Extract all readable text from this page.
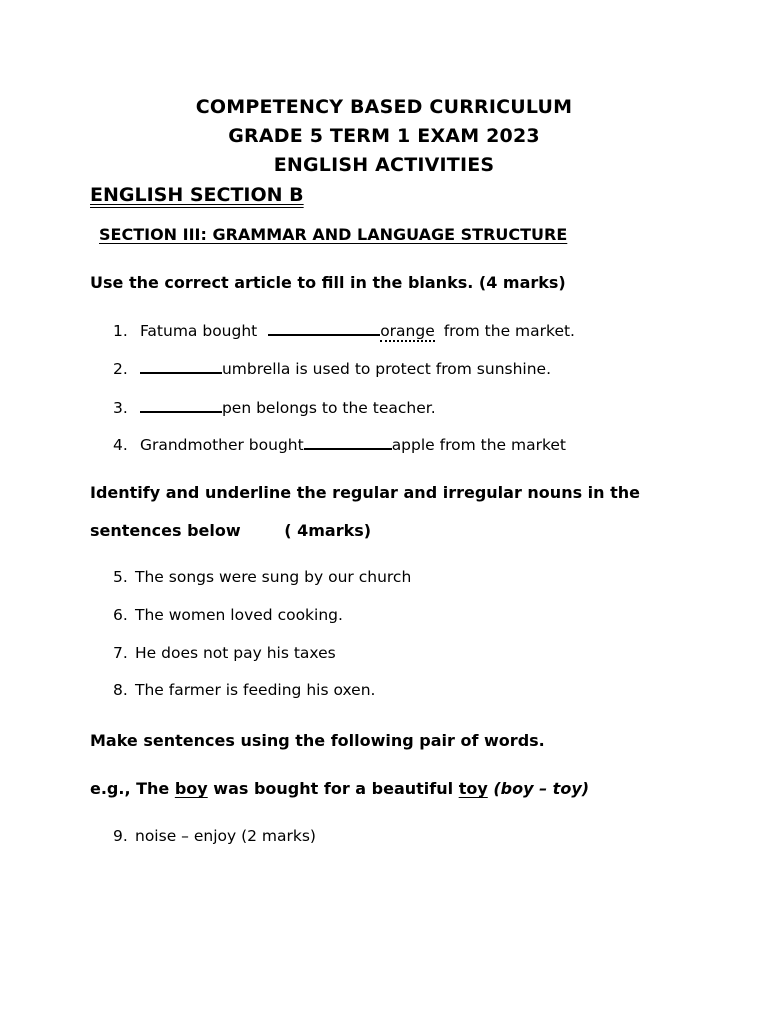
COMPETENCY BASED CURRICULUM
GRADE 5 TERM 1 EXAM 2023
ENGLISH ACTIVITIES
ENGLISH SECTION B
SECTION III: GRAMMAR AND LANGUAGE STRUCTURE
Use the correct article to fill in the blanks. (4 marks)
1. Fatuma bought	orange from the market.
2.	umbrella is used to protect from sunshine.
3.	pen belongs to the teacher.
4. Grandmother bought	apple from the market
Identify and underline the regular and irregular nouns in the
sentences below	( 4marks)
5. The songs were sung by our church
6. The women loved cooking.
7. He does not pay his taxes
8. The farmer is feeding his oxen.
Make sentences using the following pair of words.
e.g., The boy was bought for a beautiful toy (boy – toy)
9. noise – enjoy (2 marks)
